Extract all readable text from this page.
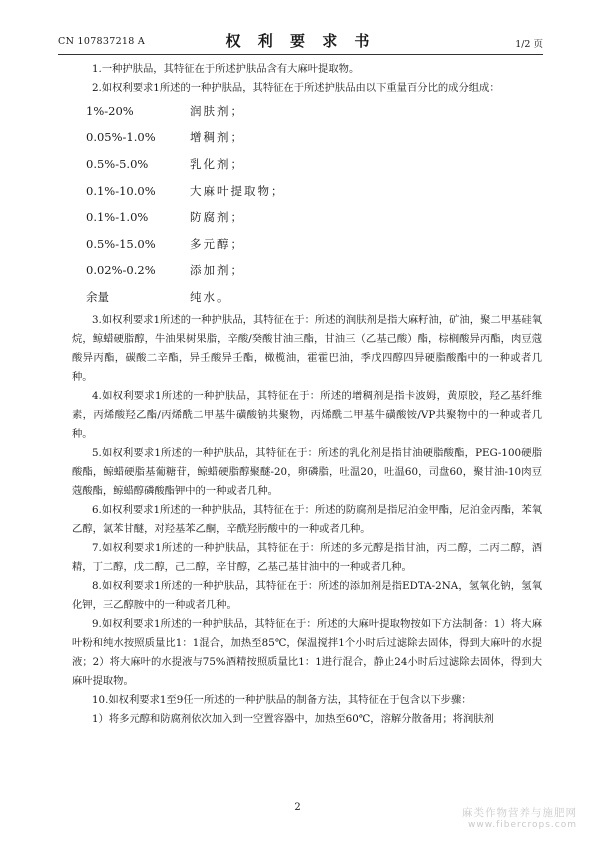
CN 107837218 A	权 利 要 求 书	1/2 页

1.一种护肤品，其特征在于所述护肤品含有大麻叶提取物。

2.如权利要求1所述的一种护肤品，其特征在于所述护肤品由以下重量百分比的成分组成：

1%-20%	润肤剂；
0.05%-1.0%	增稠剂；
0.5%-5.0%	乳化剂；
0.1%-10.0%	大麻叶提取物；
0.1%-1.0%	防腐剂；
0.5%-15.0%	多元醇；
0.02%-0.2%	添加剂；
余量	纯水。

3.如权利要求1所述的一种护肤品，其特征在于：所述的润肤剂是指大麻籽油，矿油，聚二甲基硅氧烷，鲸蜡硬脂醇，牛油果树果脂，辛酸/癸酸甘油三酯，甘油三（乙基己酸）酯，棕榈酸异丙酯，肉豆蔻酸异丙酯，碳酸二辛酯，异壬酸异壬酯，橄榄油，霍霍巴油，季戊四醇四异硬脂酸酯中的一种或者几种。

4.如权利要求1所述的一种护肤品，其特征在于：所述的增稠剂是指卡波姆，黄原胶，羟乙基纤维素，丙烯酸羟乙酯/丙烯酰二甲基牛磺酸钠共聚物，丙烯酰二甲基牛磺酸铵/VP共聚物中的一种或者几种。

5.如权利要求1所述的一种护肤品，其特征在于：所述的乳化剂是指甘油硬脂酸酯，PEG-100硬脂酸酯，鲸蜡硬脂基葡糖苷，鲸蜡硬脂醇聚醚-20，卵磷脂，吐温20，吐温60，司盘60，聚甘油-10肉豆蔻酸酯，鲸蜡醇磷酸酯钾中的一种或者几种。

6.如权利要求1所述的一种护肤品，其特征在于：所述的防腐剂是指尼泊金甲酯，尼泊金丙酯，苯氧乙醇，氯苯甘醚，对羟基苯乙酮，辛酰羟肟酸中的一种或者几种。

7.如权利要求1所述的一种护肤品，其特征在于：所述的多元醇是指甘油，丙二醇，二丙二醇，酒精，丁二醇，戊二醇，己二醇，辛甘醇，乙基己基甘油中的一种或者几种。

8.如权利要求1所述的一种护肤品，其特征在于：所述的添加剂是指EDTA-2NA，氢氧化钠，氢氧化钾，三乙醇胺中的一种或者几种。

9.如权利要求1所述的一种护肤品，其特征在于：所述的大麻叶提取物按如下方法制备：1）将大麻叶粉和纯水按照质量比1：1混合，加热至85℃，保温搅拌1个小时后过滤除去固体，得到大麻叶的水提液；2）将大麻叶的水提液与75%酒精按照质量比1：1进行混合，静止24小时后过滤除去固体，得到大麻叶提取物。

10.如权利要求1至9任一所述的一种护肤品的制备方法，其特征在于包含以下步骤：

1）将多元醇和防腐剂依次加入到一空置容器中，加热至60℃，溶解分散备用；将润肤剂

2	麻类作物营养与施肥网
www.fibercrops.com
